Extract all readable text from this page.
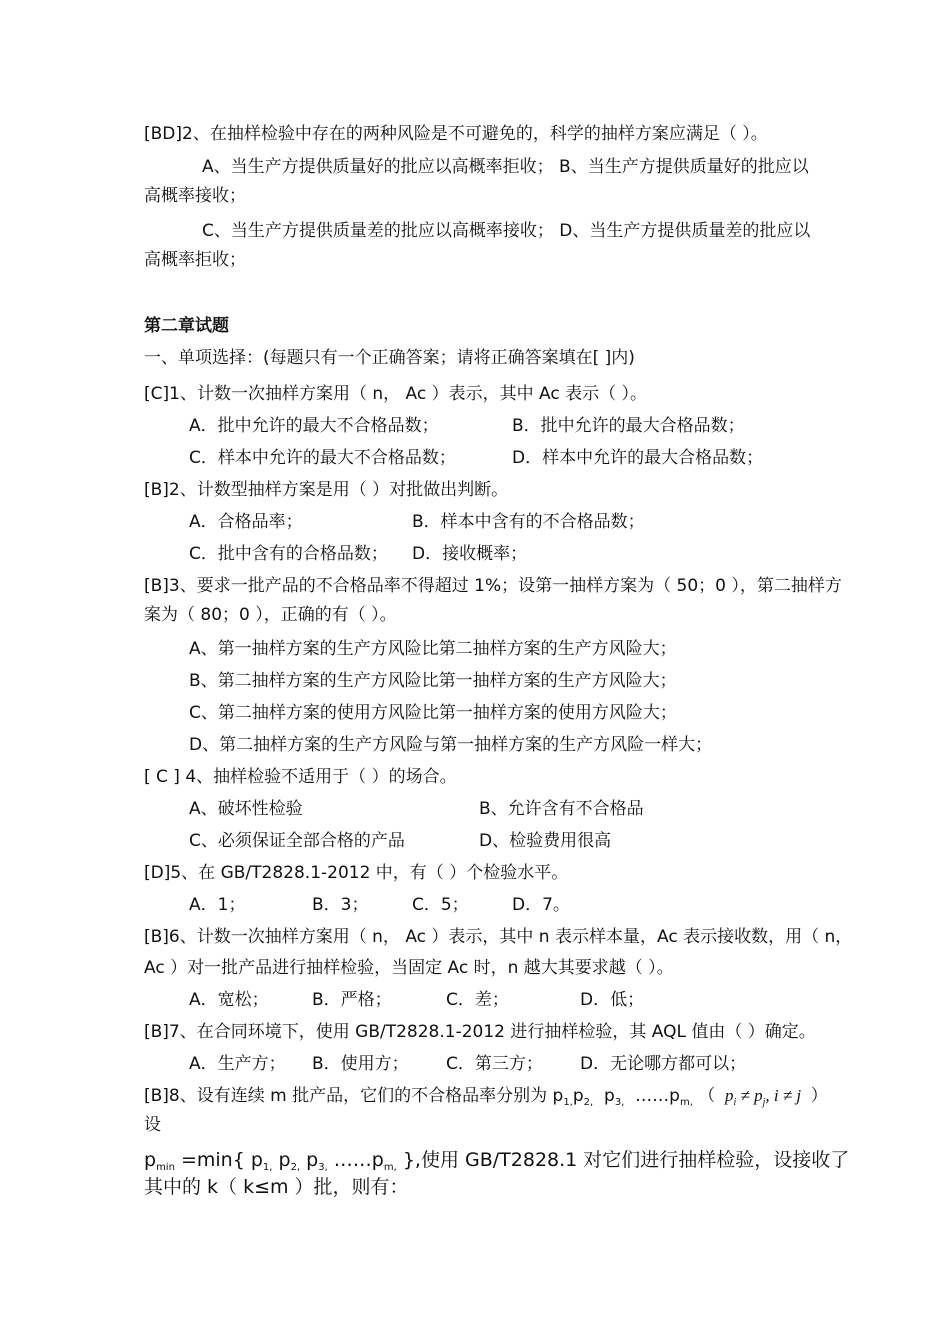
[BD]2、在抽样检验中存在的两种风险是不可避免的，科学的抽样方案应满足（ ）。
A、当生产方提供质量好的批应以高概率拒收； B、当生产方提供质量好的批应以
高概率接收；
C、当生产方提供质量差的批应以高概率接收； D、当生产方提供质量差的批应以
高概率拒收；
第二章试题
一、单项选择：(每题只有一个正确答案；请将正确答案填在[ ]内)
[C]1、计数一次抽样方案用（ n， Ac ）表示，其中 Ac 表示（ ）。
A．批中允许的最大不合格品数；	B．批中允许的最大合格品数；
C．样本中允许的最大不合格品数；	D．样本中允许的最大合格品数；
[B]2、计数型抽样方案是用（ ）对批做出判断。
A．合格品率；	B．样本中含有的不合格品数；
C．批中含有的合格品数； D．接收概率；
[B]3、要求一批产品的不合格品率不得超过 1%；设第一抽样方案为（ 50；0 ），第二抽样方
案为（ 80；0 ），正确的有（ ）。
A、第一抽样方案的生产方风险比第二抽样方案的生产方风险大；
B、第二抽样方案的生产方风险比第一抽样方案的生产方风险大；
C、第二抽样方案的使用方风险比第一抽样方案的使用方风险大；
D、第二抽样方案的生产方风险与第一抽样方案的生产方风险一样大；
[ C ] 4、抽样检验不适用于（ ）的场合。
A、破坏性检验	B、允许含有不合格品
C、必须保证全部合格的产品	D、检验费用很高
[D]5、在 GB/T2828.1-2012 中，有（ ）个检验水平。
A．1；	B．3；	C．5；	D．7。
[B]6、计数一次抽样方案用（ n， Ac ）表示，其中 n 表示样本量，Ac 表示接收数，用（ n，
Ac ）对一批产品进行抽样检验，当固定 Ac 时，n 越大其要求越（ ）。
A．宽松；	B．严格；	C．差；	D．低；
[B]7、在合同环境下，使用 GB/T2828.1-2012 进行抽样检验，其 AQL 值由（ ）确定。
A．生产方； B．使用方； C．第三方； D．无论哪方都可以；
[B]8、设有连续 m 批产品，它们的不合格品率分别为 $p_{1,}p_{2,}$  $p_{3,}$ $\dots\dots p_{m,}$ （  $p_i \ne p_j$, i ≠ j  ）
设
$p_{min} =\min${ $p_{1,}$ $p_{2,}$ $p_{3,}$ $\dots\dots p_{m,}$ },使用 GB/T2828.1 对它们进行抽样检验，设接收了
其中的 k（ k≤m ）批，则有：
